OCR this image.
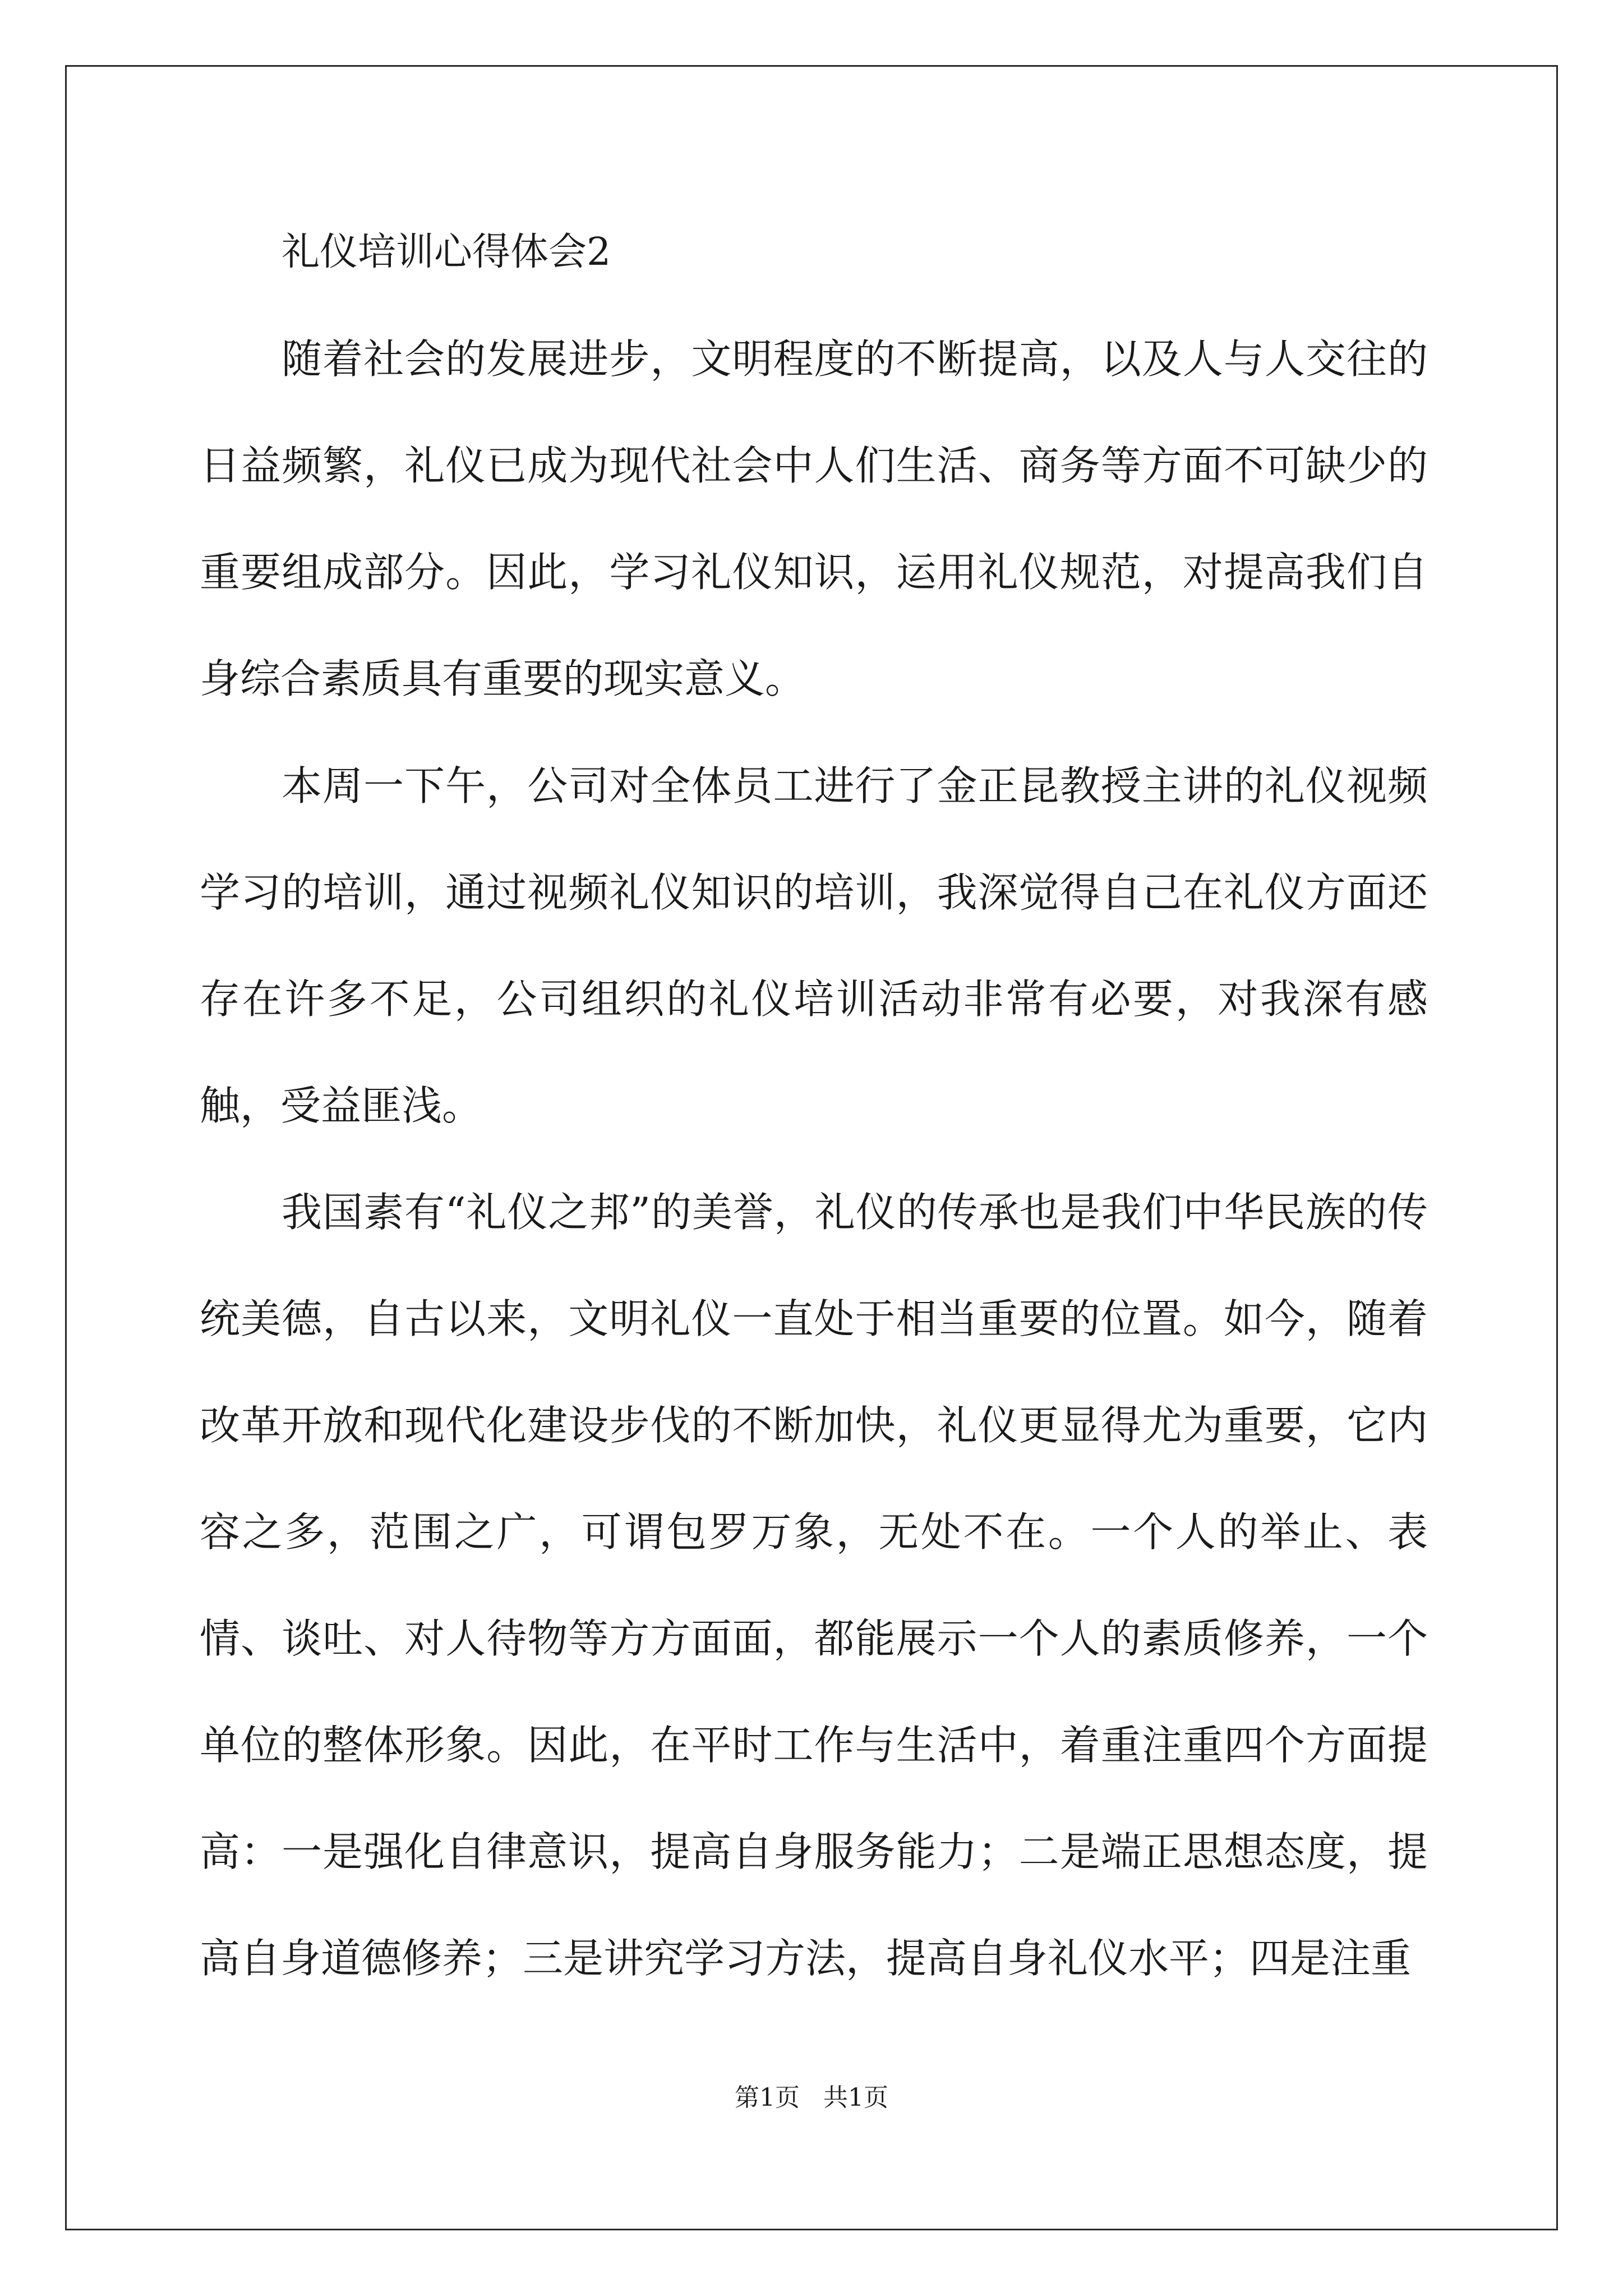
礼仪培训心得体会2

随着社会的发展进步，文明程度的不断提高，以及人与人交往的日益频繁，礼仪已成为现代社会中人们生活、商务等方面不可缺少的重要组成部分。因此，学习礼仪知识，运用礼仪规范，对提高我们自身综合素质具有重要的现实意义。

本周一下午，公司对全体员工进行了金正昆教授主讲的礼仪视频学习的培训，通过视频礼仪知识的培训，我深觉得自己在礼仪方面还存在许多不足，公司组织的礼仪培训活动非常有必要，对我深有感触，受益匪浅。

我国素有“礼仪之邦”的美誉，礼仪的传承也是我们中华民族的传统美德，自古以来，文明礼仪一直处于相当重要的位置。如今，随着改革开放和现代化建设步伐的不断加快，礼仪更显得尤为重要，它内容之多，范围之广，可谓包罗万象，无处不在。一个人的举止、表情、谈吐、对人待物等方方面面，都能展示一个人的素质修养，一个单位的整体形象。因此，在平时工作与生活中，着重注重四个方面提高：一是强化自律意识，提高自身服务能力；二是端正思想态度，提高自身道德修养；三是讲究学习方法，提高自身礼仪水平；四是注重

第1页   共1页
